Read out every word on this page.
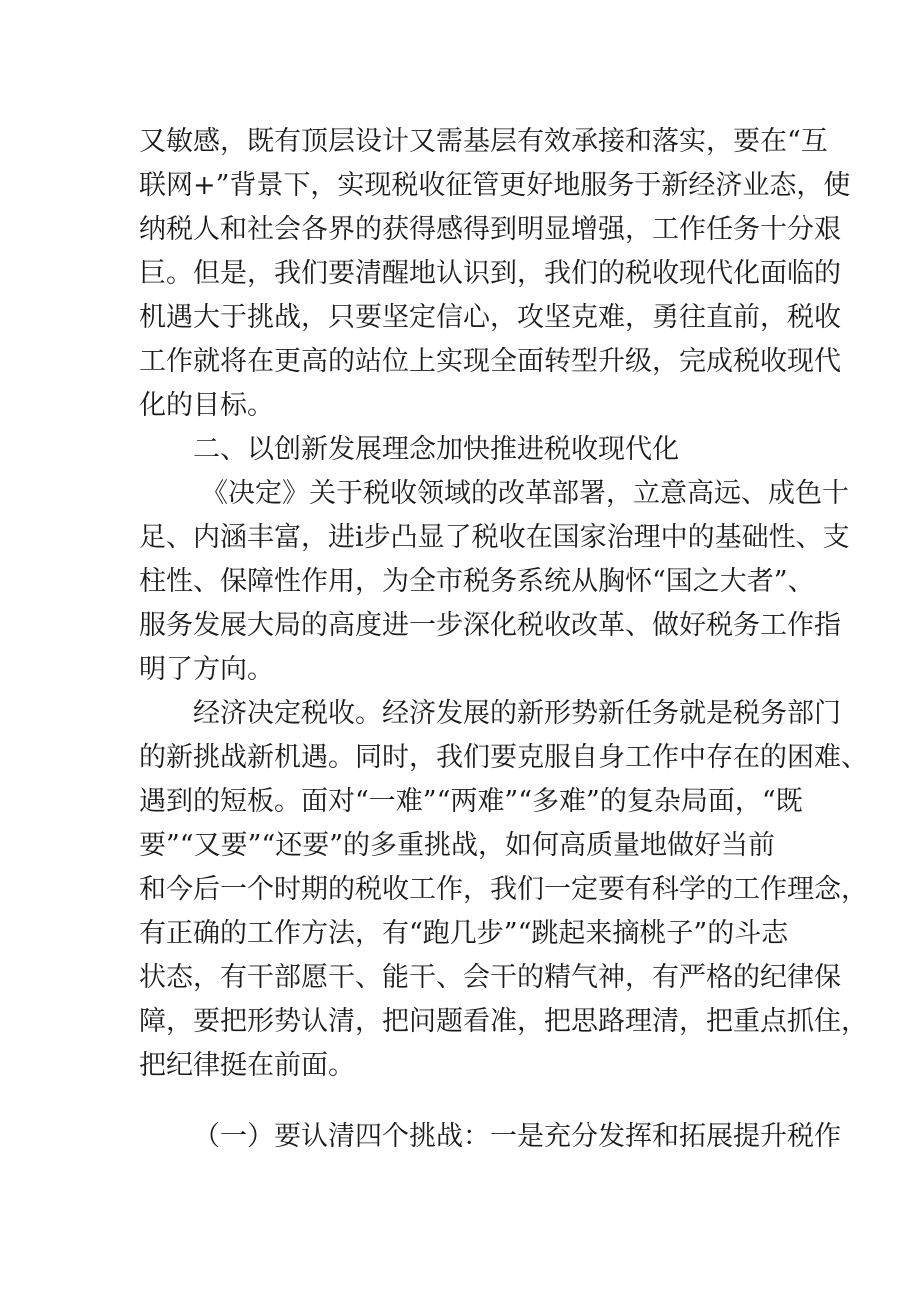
又敏感，既有顶层设计又需基层有效承接和落实，要在“互
联网+”背景下，实现税收征管更好地服务于新经济业态，使
纳税人和社会各界的获得感得到明显增强，工作任务十分艰
巨。但是，我们要清醒地认识到，我们的税收现代化面临的
机遇大于挑战，只要坚定信心，攻坚克难，勇往直前，税收
工作就将在更高的站位上实现全面转型升级，完成税收现代
化的目标。
二、以创新发展理念加快推进税收现代化
《决定》关于税收领域的改革部署，立意高远、成色十
足、内涵丰富，进i步凸显了税收在国家治理中的基础性、支
柱性、保障性作用，为全市税务系统从胸怀“国之大者”、
服务发展大局的高度进一步深化税收改革、做好税务工作指
明了方向。
经济决定税收。经济发展的新形势新任务就是税务部门
的新挑战新机遇。同时，我们要克服自身工作中存在的困难、
遇到的短板。面对“一难”“两难”“多难”的复杂局面，“既
要”“又要”“还要”的多重挑战，如何高质量地做好当前
和今后一个时期的税收工作，我们一定要有科学的工作理念，
有正确的工作方法，有“跑几步”“跳起来摘桃子”的斗志
状态，有干部愿干、能干、会干的精气神，有严格的纪律保
障，要把形势认清，把问题看准，把思路理清，把重点抓住，
把纪律挺在前面。
（一）要认清四个挑战：一是充分发挥和拓展提升税作
